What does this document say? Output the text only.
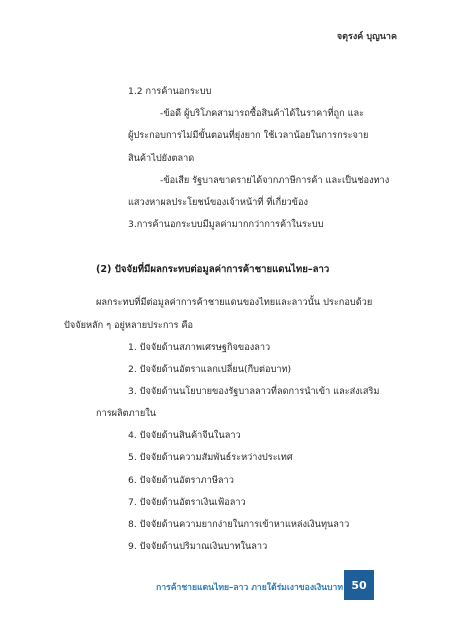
จตุรงค์ บุญนาค
1.2 การค้านอกระบบ
-ข้อดี ผู้บริโภคสามารถซื้อสินค้าได้ในราคาที่ถูก และ
ผู้ประกอบการไม่มีขั้นตอนที่ยุ่งยาก ใช้เวลาน้อยในการกระจาย
สินค้าไปยังตลาด
-ข้อเสีย รัฐบาลขาดรายได้จากภาษีการค้า และเป็นช่องทาง
แสวงหาผลประโยชน์ของเจ้าหน้าที่ ที่เกี่ยวข้อง
3.การค้านอกระบบมีมูลค่ามากกว่าการค้าในระบบ
(2) ปัจจัยที่มีผลกระทบต่อมูลค่าการค้าชายแดนไทย–ลาว
ผลกระทบที่มีต่อมูลค่าการค้าชายแดนของไทยและลาวนั้น ประกอบด้วย
ปัจจัยหลัก ๆ อยู่หลายประการ คือ
1. ปัจจัยด้านสภาพเศรษฐกิจของลาว
2. ปัจจัยด้านอัตราแลกเปลี่ยน(กีบต่อบาท)
3. ปัจจัยด้านนโยบายของรัฐบาลลาวที่ลดการนำเข้า และส่งเสริม
การผลิตภายใน
4. ปัจจัยด้านสินค้าจีนในลาว
5. ปัจจัยด้านความสัมพันธ์ระหว่างประเทศ
6. ปัจจัยด้านอัตราภาษีลาว
7. ปัจจัยด้านอัตราเงินเฟ้อลาว
8. ปัจจัยด้านความยากง่ายในการเข้าหาแหล่งเงินทุนลาว
9. ปัจจัยด้านปริมาณเงินบาทในลาว
การค้าชายแดนไทย–ลาว ภายใต้ร่มเงาของเงินบาท 50
